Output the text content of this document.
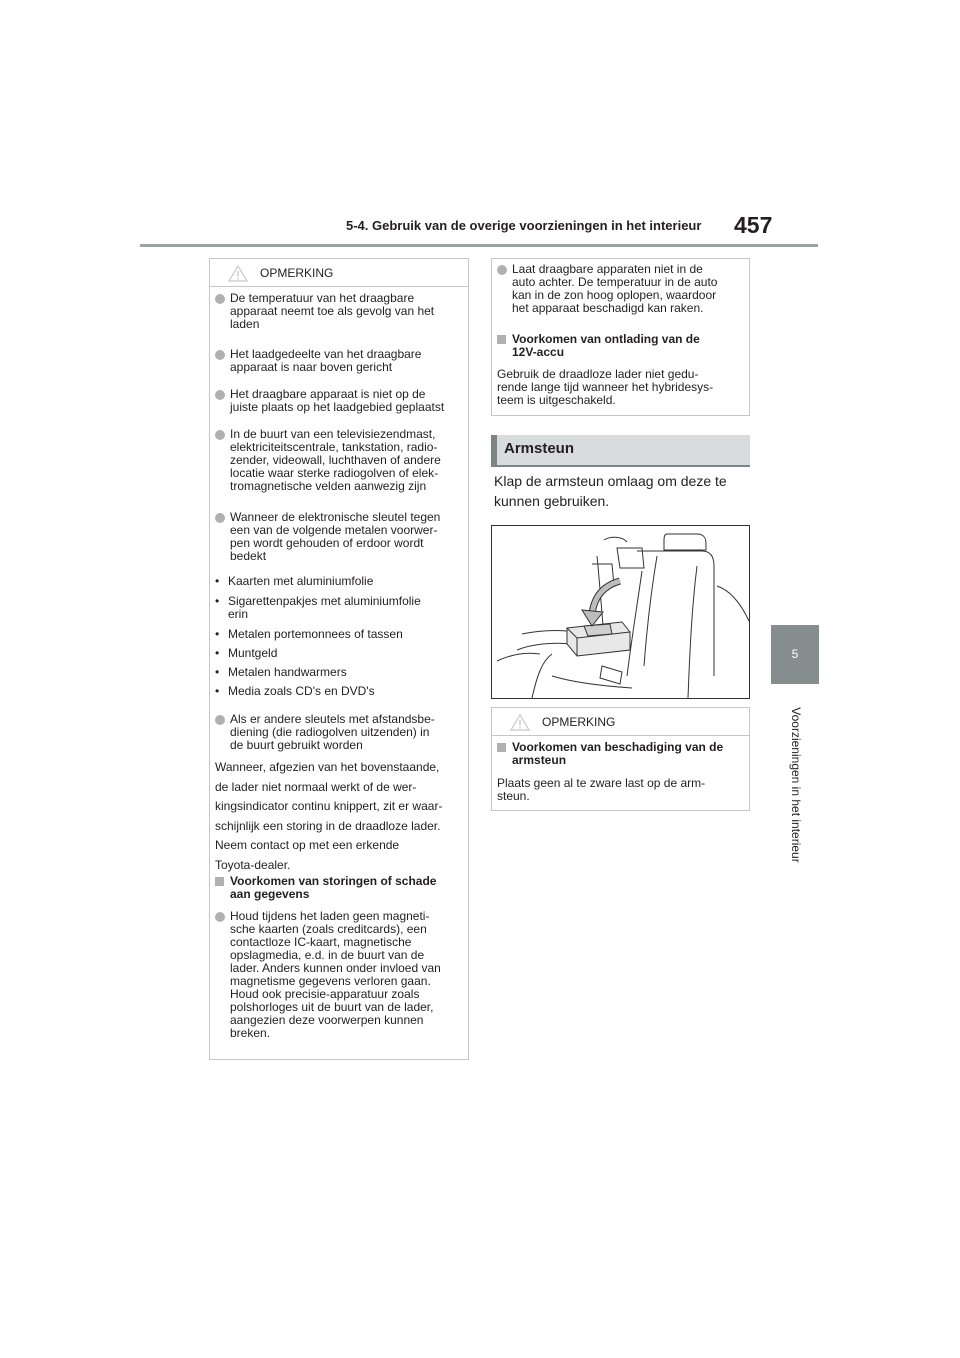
5-4. Gebruik van de overige voorzieningen in het interieur 457
5
Voorzieningen in het interieur
OPMERKING
De temperatuur van het draagbare
apparaat neemt toe als gevolg van het
laden
Het laadgedeelte van het draagbare
apparaat is naar boven gericht
Het draagbare apparaat is niet op de
juiste plaats op het laadgebied geplaatst
In de buurt van een televisiezendmast,
elektriciteitscentrale, tankstation, radio-
zender, videowall, luchthaven of andere
locatie waar sterke radiogolven of elek-
tromagnetische velden aanwezig zijn
Wanneer de elektronische sleutel tegen
een van de volgende metalen voorwer-
pen wordt gehouden of erdoor wordt
bedekt
• Kaarten met aluminiumfolie
• Sigarettenpakjes met aluminiumfolie
erin
• Metalen portemonnees of tassen
• Muntgeld
• Metalen handwarmers
• Media zoals CD's en DVD's
Als er andere sleutels met afstandsbe-
diening (die radiogolven uitzenden) in
de buurt gebruikt worden
Wanneer, afgezien van het bovenstaande,
de lader niet normaal werkt of de wer-
kingsindicator continu knippert, zit er waar-
schijnlijk een storing in de draadloze lader.
Neem contact op met een erkende
Toyota-dealer.
Voorkomen van storingen of schade
aan gegevens
Houd tijdens het laden geen magneti-
sche kaarten (zoals creditcards), een
contactloze IC-kaart, magnetische
opslagmedia, e.d. in de buurt van de
lader. Anders kunnen onder invloed van
magnetisme gegevens verloren gaan.
Houd ook precisie-apparatuur zoals
polshorloges uit de buurt van de lader,
aangezien deze voorwerpen kunnen
breken.
Laat draagbare apparaten niet in de
auto achter. De temperatuur in de auto
kan in de zon hoog oplopen, waardoor
het apparaat beschadigd kan raken.
Voorkomen van ontlading van de
12V-accu
Gebruik de draadloze lader niet gedu-
rende lange tijd wanneer het hybridesys-
teem is uitgeschakeld.
Armsteun
Klap de armsteun omlaag om deze te
kunnen gebruiken.
OPMERKING
Voorkomen van beschadiging van de
armsteun
Plaats geen al te zware last op de arm-
steun.
